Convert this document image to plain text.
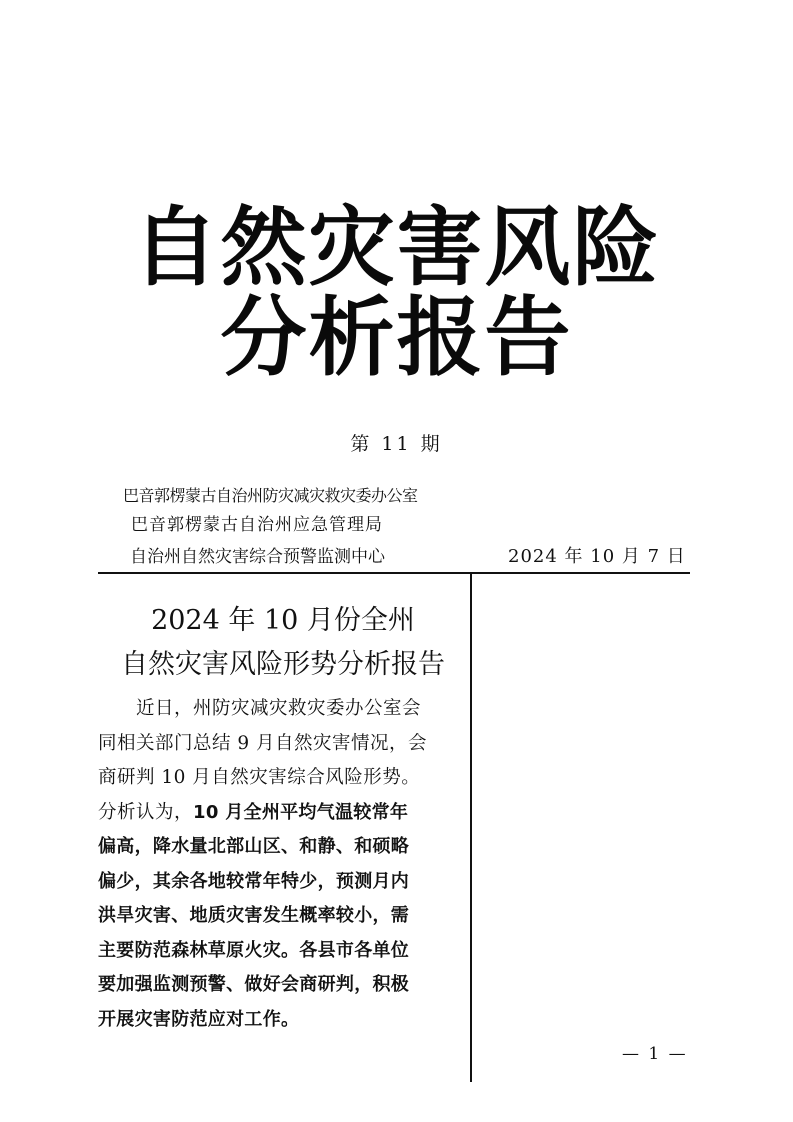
自然灾害风险
分析报告
第 11 期
巴音郭楞蒙古自治州防灾减灾救灾委办公室
巴音郭楞蒙古自治州应急管理局
自治州自然灾害综合预警监测中心	2024 年 10 月 7 日
2024 年 10 月份全州
自然灾害风险形势分析报告
　　近日，州防灾减灾救灾委办公室会
同相关部门总结 9 月自然灾害情况，会
商研判 10 月自然灾害综合风险形势。
分析认为，10 月全州平均气温较常年
偏高，降水量北部山区、和静、和硕略
偏少，其余各地较常年特少，预测月内
洪旱灾害、地质灾害发生概率较小，需
主要防范森林草原火灾。各县市各单位
要加强监测预警、做好会商研判，积极
开展灾害防范应对工作。
— 1 —
